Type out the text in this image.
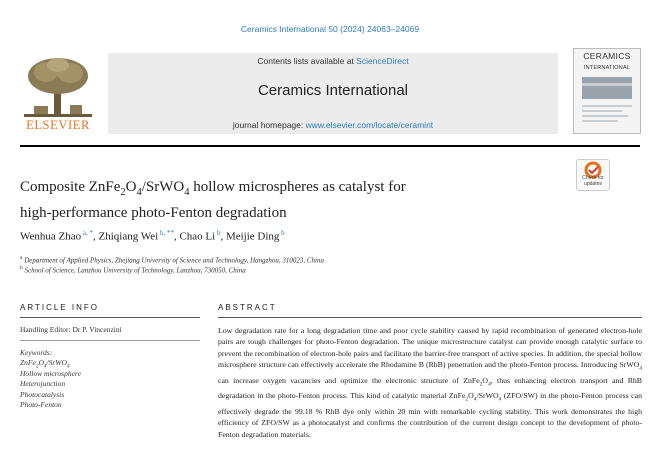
Ceramics International 50 (2024) 24063–24069
ELSEVIER
Contents lists available at ScienceDirect
Ceramics International
journal homepage: www.elsevier.com/locate/ceramint
CERAMICS
INTERNATIONAL
Check for
updates
Composite $ZnFe_2O_4/SrWO_4$ hollow microspheres as catalyst for
high-performance photo-Fenton degradation
Wenhua Zhao $^{a, *}$, Zhiqiang Wei $^{b, **}$, Chao Li $^b$, Meijie Ding $^b$
$^a$ Department of Applied Physics, Zhejiang University of Science and Technology, Hangzhou, 310023, China
$^b$ School of Science, Lanzhou University of Technology, Lanzhou, 730050, China
ARTICLE INFO
Handling Editor: Dr P. Vincenzini
Keywords:
$ZnFe_2O_4/SrWO_4$
Hollow microsphere
Heterojunction
Photocatalysis
Photo-Fenton
ABSTRACT
Low degradation rate for a long degradation time and poor cycle stability caused by rapid recombination of generated electron-hole pairs are tough challenges for photo-Fenton degradation. The unique microstructure catalyst can provide enough catalytic surface to prevent the recombination of electron-hole pairs and facilitate the barrier-free transport of active species. In addition, the special hollow microsphere structure can effectively accelerate the Rhodamine B (RhB) penetration and the photo-Fenton process. Introducing SrWO$_4$ can increase oxygen vacancies and optimize the electronic structure of $ZnFe_2O_4$, thus enhancing electron transport and RhB degradation in the photo-Fenton process. This kind of catalytic material $ZnFe_2O_4/SrWO_4$ (ZFO/SW) in the photo-Fenton process can effectively degrade the 99.18 % RhB dye only within 20 min with remarkable cycling stability. This work demonstrates the high efficiency of ZFO/SW as a photocatalyst and confirms the contribution of the current design concept to the development of photo-Fenton degradation materials.
